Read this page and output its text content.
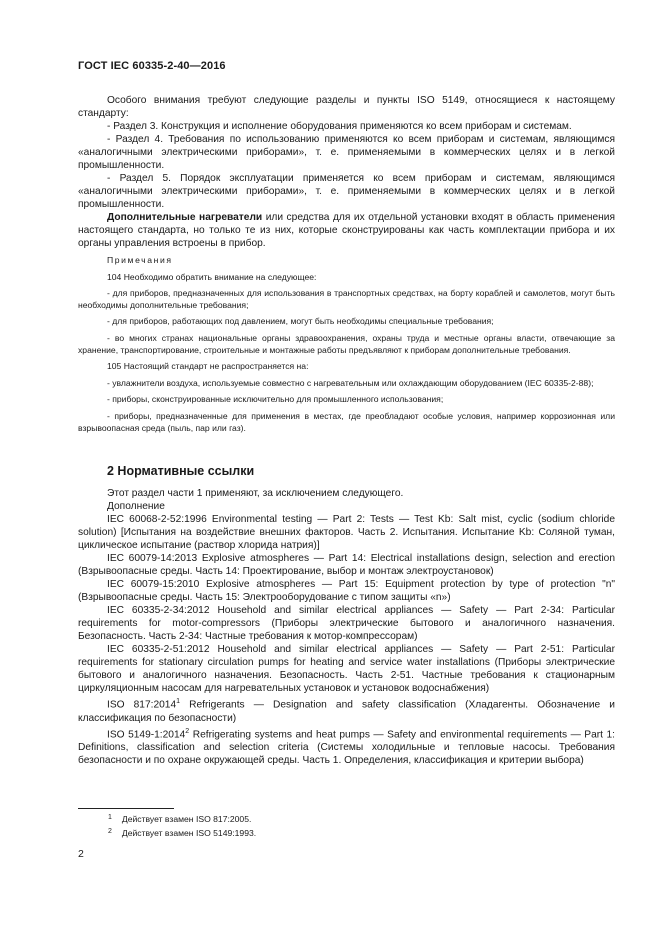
ГОСТ IEC 60335-2-40—2016

Особого внимания требуют следующие разделы и пункты ISO 5149, относящиеся к настоящему стандарту:

- Раздел 3. Конструкция и исполнение оборудования применяются ко всем приборам и системам.

- Раздел 4. Требования по использованию применяются ко всем приборам и системам, являющимся «аналогичными электрическими приборами», т. е. применяемыми в коммерческих целях и в легкой промышленности.

- Раздел 5. Порядок эксплуатации применяется ко всем приборам и системам, являющимся «аналогичными электрическими приборами», т. е. применяемыми в коммерческих целях и в легкой промышленности.

Дополнительные нагреватели или средства для их отдельной установки входят в область применения настоящего стандарта, но только те из них, которые сконструированы как часть комплектации прибора и их органы управления встроены в прибор.

Примечания

104 Необходимо обратить внимание на следующее:

- для приборов, предназначенных для использования в транспортных средствах, на борту кораблей и самолетов, могут быть необходимы дополнительные требования;

- для приборов, работающих под давлением, могут быть необходимы специальные требования;

- во многих странах национальные органы здравоохранения, охраны труда и местные органы власти, отвечающие за хранение, транспортирование, строительные и монтажные работы предъявляют к приборам дополнительные требования.

105 Настоящий стандарт не распространяется на:

- увлажнители воздуха, используемые совместно с нагревательным или охлаждающим оборудованием (IEC 60335-2-88);

- приборы, сконструированные исключительно для промышленного использования;

- приборы, предназначенные для применения в местах, где преобладают особые условия, например коррозионная или взрывоопасная среда (пыль, пар или газ).

2 Нормативные ссылки

Этот раздел части 1 применяют, за исключением следующего.

Дополнение

IEC 60068-2-52:1996 Environmental testing — Part 2: Tests — Test Kb: Salt mist, cyclic (sodium chloride solution) [Испытания на воздействие внешних факторов. Часть 2. Испытания. Испытание Kb: Соляной туман, циклическое испытание (раствор хлорида натрия)]

IEC 60079-14:2013 Explosive atmospheres — Part 14: Electrical installations design, selection and erection (Взрывоопасные среды. Часть 14: Проектирование, выбор и монтаж электроустановок)

IEC 60079-15:2010 Explosive atmospheres — Part 15: Equipment protection by type of protection "n" (Взрывоопасные среды. Часть 15: Электрооборудование с типом защиты «n»)

IEC 60335-2-34:2012 Household and similar electrical appliances — Safety — Part 2-34: Particular requirements for motor-compressors (Приборы электрические бытового и аналогичного назначения. Безопасность. Часть 2-34: Частные требования к мотор-компрессорам)

IEC 60335-2-51:2012 Household and similar electrical appliances — Safety — Part 2-51: Particular requirements for stationary circulation pumps for heating and service water installations (Приборы электрические бытового и аналогичного назначения. Безопасность. Часть 2-51. Частные требования к стационарным циркуляционным насосам для нагревательных установок и установок водоснабжения)

ISO 817:2014$^1$ Refrigerants — Designation and safety classification (Хладагенты. Обозначение и классификация по безопасности)

ISO 5149-1:2014$^2$ Refrigerating systems and heat pumps — Safety and environmental requirements — Part 1: Definitions, classification and selection criteria (Системы холодильные и тепловые насосы. Требования безопасности и по охране окружающей среды. Часть 1. Определения, классификация и критерии выбора)

$^1$ Действует взамен ISO 817:2005.
$^2$ Действует взамен ISO 5149:1993.
2
